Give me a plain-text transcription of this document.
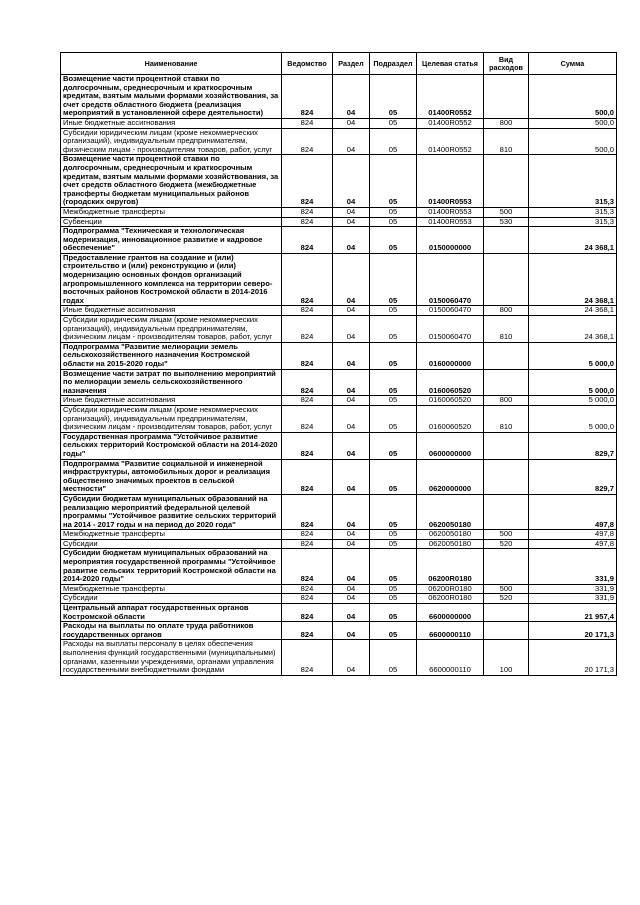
Наименование	Ведомство	Раздел	Подраздел	Целевая статья	Вид расходов	Сумма
Возмещение части процентной ставки по долгосрочным, среднесрочным и краткосрочным кредитам, взятым малыми формами хозяйствования, за счет средств областного бюджета (реализация мероприятий в установленной сфере деятельности)	824	04	05	01400R0552		500,0
Иные бюджетные ассигнования	824	04	05	01400R0552	800	500,0
Субсидии юридическим лицам (кроме некоммерческих организаций), индивидуальным предпринимателям, физическим лицам - производителям товаров, работ, услуг	824	04	05	01400R0552	810	500,0
Возмещение части процентной ставки по долгосрочным, среднесрочным и краткосрочным кредитам, взятым малыми формами хозяйствования, за счет средств областного бюджета (межбюджетные трансферты бюджетам муниципальных районов (городских округов)	824	04	05	01400R0553		315,3
Межбюджетные трансферты	824	04	05	01400R0553	500	315,3
Субвенции	824	04	05	01400R0553	530	315,3
Подпрограмма "Техническая и технологическая модернизация, инновационное развитие и кадровое обеспечение"	824	04	05	0150000000		24 368,1
Предоставление грантов на создание и (или) строительство и (или) реконструкцию и (или) модернизацию основных фондов организаций агропромышленного комплекса на территории северо-восточных районов Костромской области в 2014-2016 годах	824	04	05	0150060470		24 368,1
Иные бюджетные ассигнования	824	04	05	0150060470	800	24 368,1
Субсидии юридическим лицам (кроме некоммерческих организаций), индивидуальным предпринимателям, физическим лицам - производителям товаров, работ, услуг	824	04	05	0150060470	810	24 368,1
Подпрограмма "Развитие мелиорации земель сельскохозяйственного назначения Костромской области на 2015-2020 годы"	824	04	05	0160000000		5 000,0
Возмещение части затрат по выполнению мероприятий по мелиорации земель сельскохозяйственного назначения	824	04	05	0160060520		5 000,0
Иные бюджетные ассигнования	824	04	05	0160060520	800	5 000,0
Субсидии юридическим лицам (кроме некоммерческих организаций), индивидуальным предпринимателям, физическим лицам - производителям товаров, работ, услуг	824	04	05	0160060520	810	5 000,0
Государственная программа "Устойчивое развитие сельских территорий Костромской области на 2014-2020 годы"	824	04	05	0600000000		829,7
Подпрограмма "Развитие социальной и инженерной инфраструктуры, автомобильных дорог и реализация общественно значимых проектов в сельской местности"	824	04	05	0620000000		829,7
Субсидии бюджетам муниципальных образований на реализацию мероприятий федеральной целевой программы "Устойчивое развитие сельских территорий на 2014 - 2017 годы и на период до 2020 года"	824	04	05	0620050180		497,8
Межбюджетные трансферты	824	04	05	0620050180	500	497,8
Субсидии	824	04	05	0620050180	520	497,8
Субсидии бюджетам муниципальных образований на мероприятия государственной программы "Устойчивое развитие сельских территорий Костромской области на 2014-2020 годы"	824	04	05	06200R0180		331,9
Межбюджетные трансферты	824	04	05	06200R0180	500	331,9
Субсидии	824	04	05	06200R0180	520	331,9
Центральный аппарат государственных органов Костромской области	824	04	05	6600000000		21 957,4
Расходы на выплаты по оплате труда работников государственных органов	824	04	05	6600000110		20 171,3
Расходы на выплаты персоналу в целях обеспечения выполнения функций государственными (муниципальными) органами, казенными учреждениями, органами управления государственными внебюджетными фондами	824	04	05	6600000110	100	20 171,3
